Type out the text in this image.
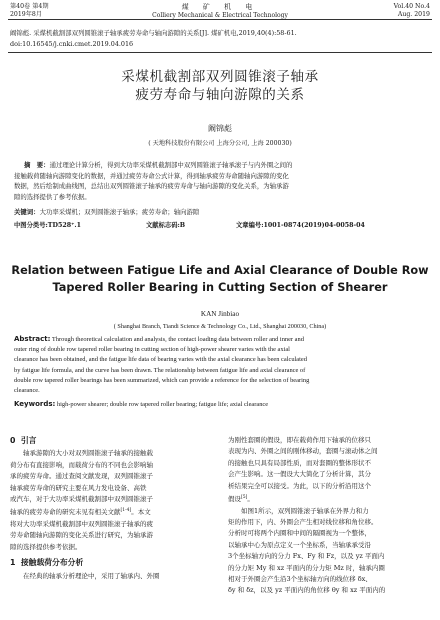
第40卷 第4期
2019年8月
煤 矿 机 电
Colliery Mechanical & Electrical Technology
Vol.40 No.4
Aug. 2019
阚锦彪. 采煤机截割部双列圆锥滚子轴承疲劳寿命与轴向游隙的关系[J]. 煤矿机电,2019,40(4):58-61.
doi:10.16545/j.cnki.cmet.2019.04.016
采煤机截割部双列圆锥滚子轴承
疲劳寿命与轴向游隙的关系
阚锦彪
( 天地科技股份有限公司 上海分公司, 上海 200030)
摘　要：通过理论计算分析，得到大功率采煤机截割部中双列圆锥滚子轴承滚子与内外圈之间的
接触载荷随轴向游隙变化的数据，并通过疲劳寿命公式计算，得到轴承疲劳寿命随轴向游隙的变化
数据，然后绘制成曲线图，总结出双列圆锥滚子轴承的疲劳寿命与轴向游隙的变化关系，为轴承游
隙的选择提供了参考依据。
关键词：大功率采煤机；双列圆锥滚子轴承；疲劳寿命；轴向游隙
中图分类号:TD528⁺.1	文献标志码:B	文章编号:1001-0874(2019)04-0058-04
Relation between Fatigue Life and Axial Clearance of Double Row
Tapered Roller Bearing in Cutting Section of Shearer
KAN Jinbiao
( Shanghai Branch, Tiandi Science & Technology Co., Ltd., Shanghai 200030, China)
Abstract: Through theoretical calculation and analysis, the contact loading data between roller and inner and
outer ring of double row tapered roller bearing in cutting section of high-power shearer varies with the axial
clearance has been obtained, and the fatigue life data of bearing varies with the axial clearance has been calculated
by fatigue life formula, and the curve has been drawn. The relationship between fatigue life and axial clearance of
double row tapered roller bearings has been summarized, which can provide a reference for the selection of bearing
clearance.
Keywords: high-power shearer; double row tapered roller bearing; fatigue life; axial clearance
0 引言
轴承游隙的大小对双列圆锥滚子轴承的接触载
荷分布有直接影响，而载荷分布的不同也会影响轴
承的疲劳寿命。通过查阅文献发现，双列圆锥滚子
轴承疲劳寿命的研究主要在风力发电设备、高铁
或汽车，对于大功率采煤机截割部中双列圆锥滚子
轴承的疲劳寿命的研究未见有相关文献[1-4]。本文
将对大功率采煤机截割部中双列圆锥滚子轴承的疲
劳寿命随轴向游隙的变化关系进行研究，为轴承游
隙的选择提供参考依据。
1 接触载荷分布分析
在经典的轴承分析理论中，采用了轴承内、外圈
为刚性套圈的假设，即在载荷作用下轴承的位移只
表现为内、外圈之间的刚体移动，套圈与滚动体之间
的接触也只具有局部性质，而对套圈的整体形状不
会产生影响。这一假设大大简化了分析计算，其分
析结果完全可以接受。为此，以下的分析沿用这个
假设[5]。
如图1所示，双列圆锥滚子轴承在外界力和力
矩的作用下，内、外圈会产生相对线位移和角位移。
分析时可将两个内圈和中间的隔圈视为一个整体，
以轴承中心为原点定义一个坐标系，当轴承承受沿
3个坐标轴方向的分力 Fx、Fy 和 Fz，以及 yz 平面内
的分力矩 My 和 xz 平面内的分力矩 Mz 时，轴承内圈
相对于外圈会产生沿3个坐标轴方向的线位移 δx、
δy 和 δz，以及 yz 平面内的角位移 θy 和 xz 平面内的
